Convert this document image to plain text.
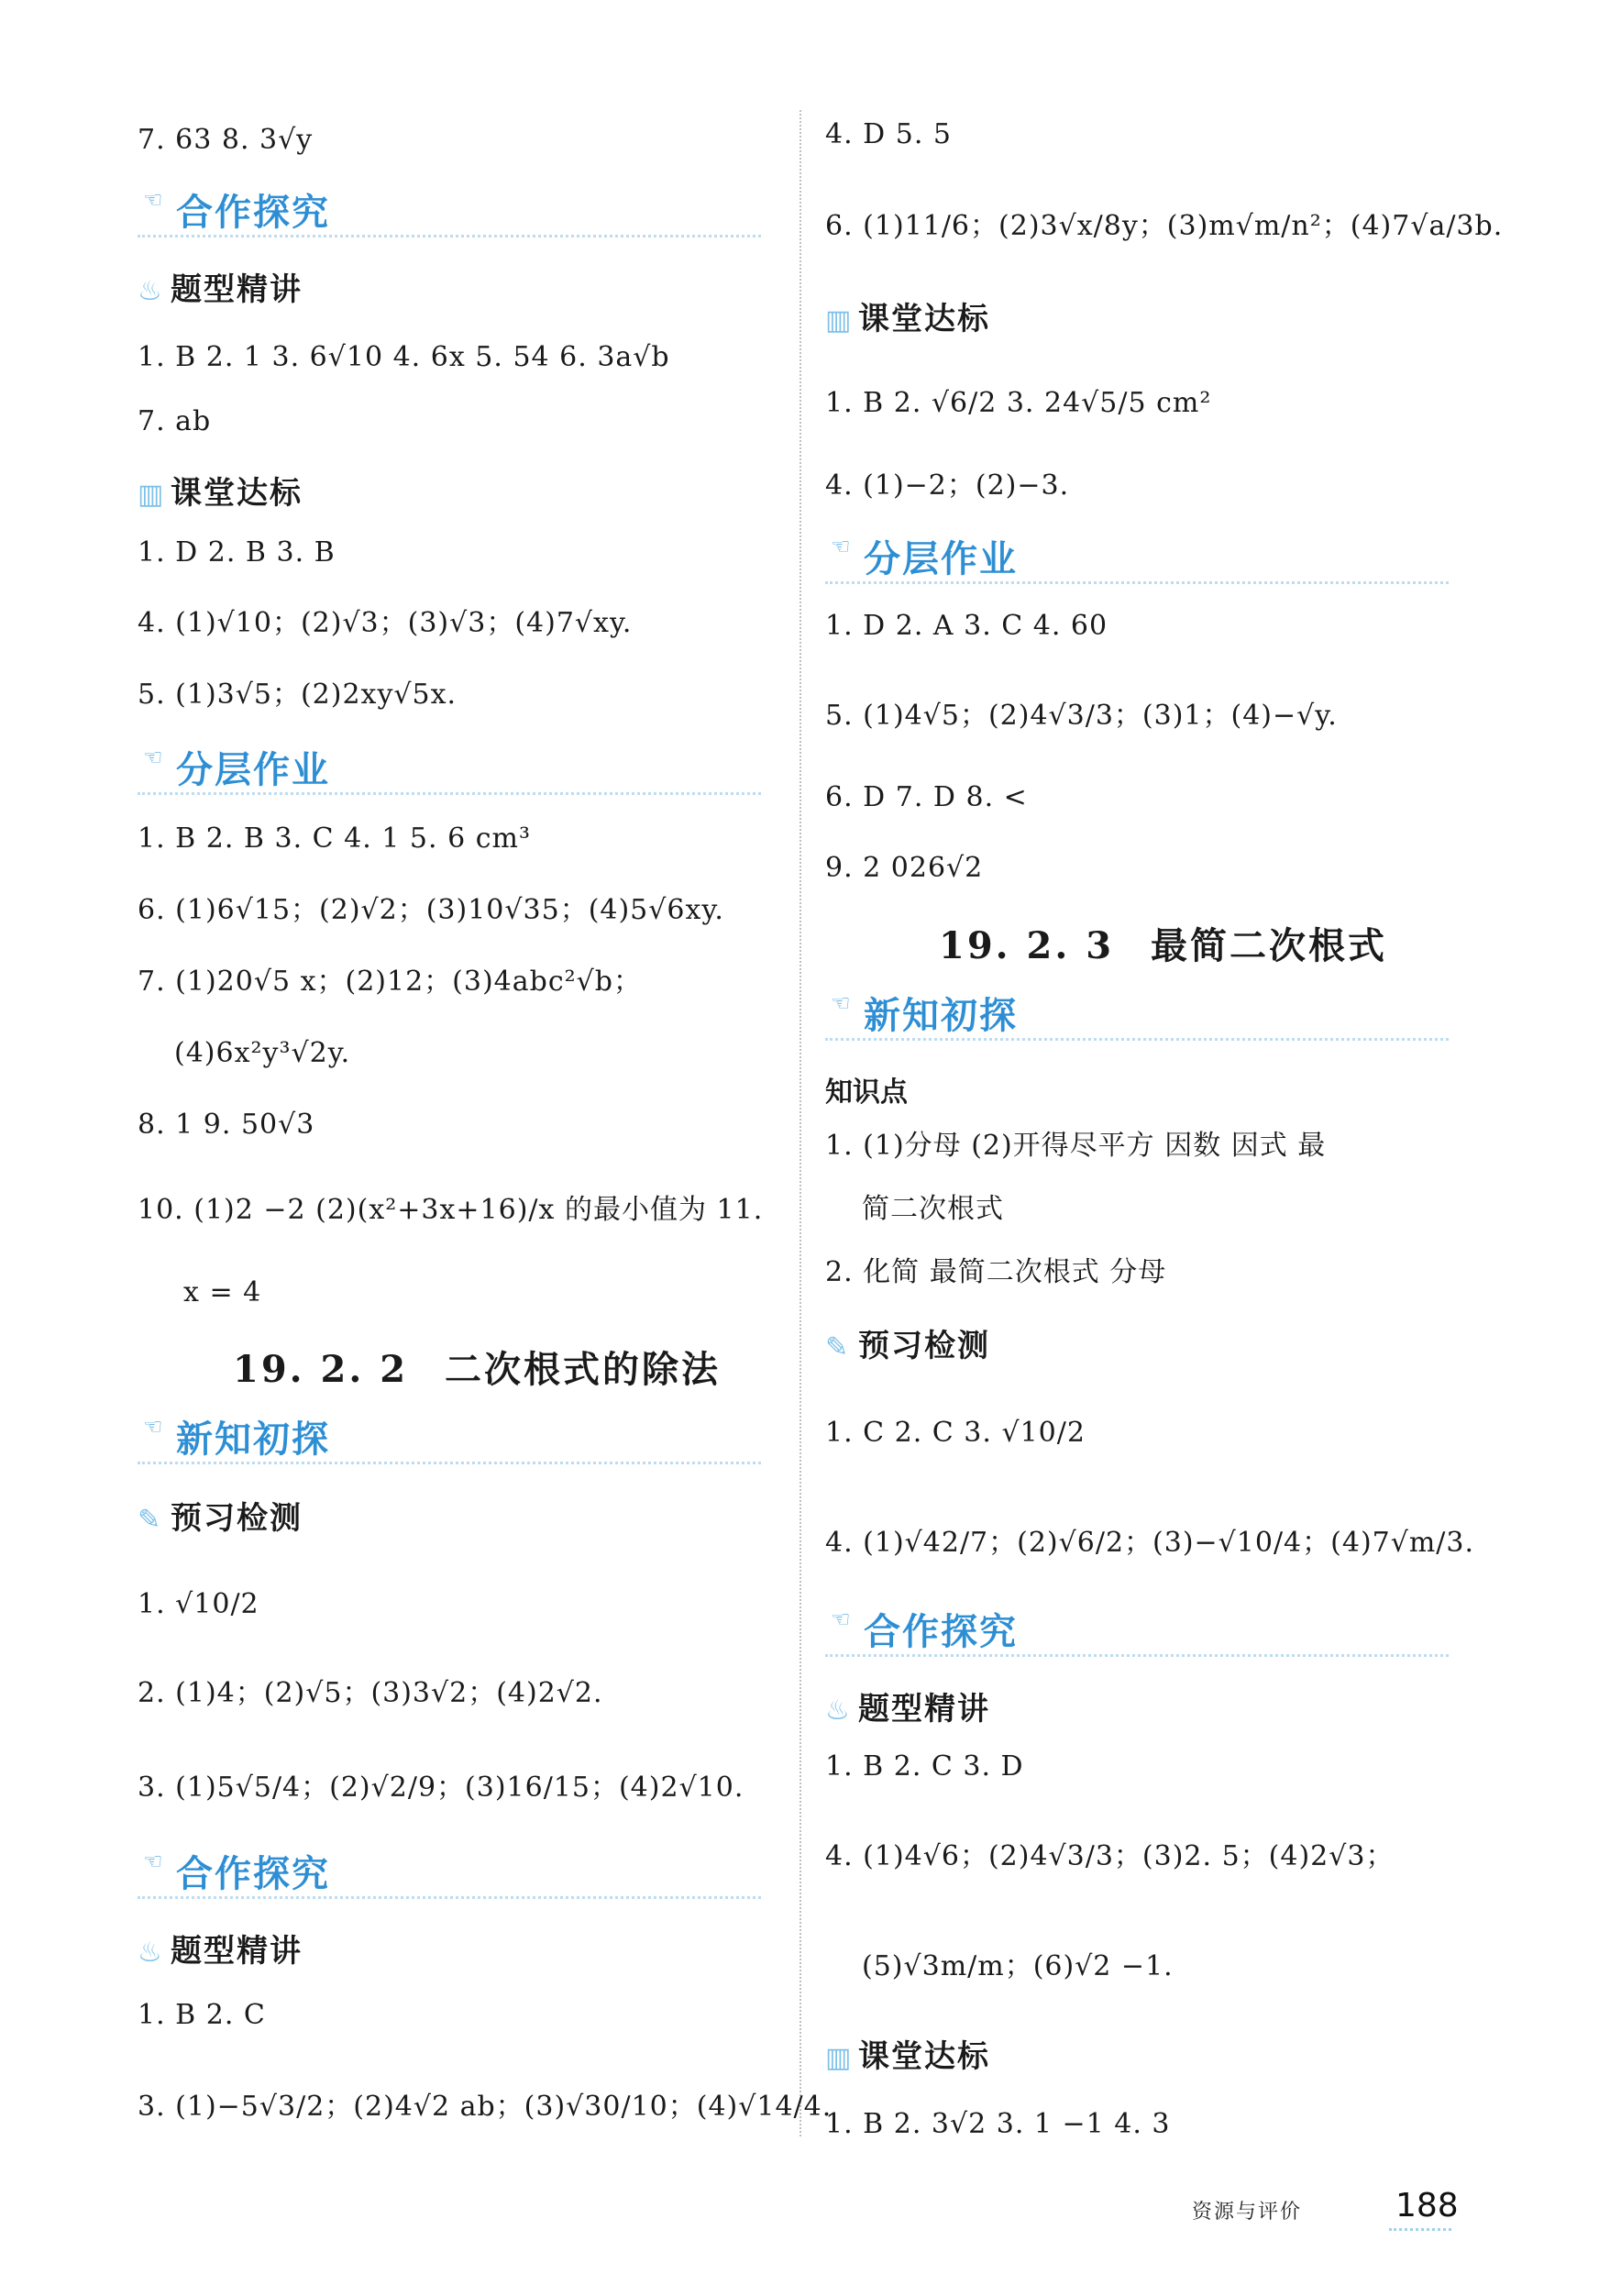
7. 63 8. 3√y
☜ 合作探究
♨ 题型精讲
1. B 2. 1 3. 6√10 4. 6x 5. 54 6. 3a√b
7. ab
▥ 课堂达标
1. D 2. B 3. B
4. (1)√10；(2)√3；(3)√3；(4)7√xy.
5. (1)3√5；(2)2xy√5x.
☜ 分层作业
1. B 2. B 3. C 4. 1 5. 6 cm³
6. (1)6√15；(2)√2；(3)10√35；(4)5√6xy.
7. (1)20√5 x；(2)12；(3)4abc²√b；
(4)6x²y³√2y.
8. 1 9. 50√3
10. (1)2 −2 (2)(x²+3x+16)/x 的最小值为 11.
x = 4
19. 2. 2 二次根式的除法
☜ 新知初探
✎ 预习检测
1. √10/2
2. (1)4；(2)√5；(3)3√2；(4)2√2.
3. (1)5√5/4；(2)√2/9；(3)16/15；(4)2√10.
☜ 合作探究
♨ 题型精讲
1. B 2. C
3. (1)−5√3/2；(2)4√2 ab；(3)√30/10；(4)√14/4.
4. D 5. 5
6. (1)11/6；(2)3√x/8y；(3)m√m/n²；(4)7√a/3b.
▥ 课堂达标
1. B 2. √6/2 3. 24√5/5 cm²
4. (1)−2；(2)−3.
☜ 分层作业
1. D 2. A 3. C 4. 60
5. (1)4√5；(2)4√3/3；(3)1；(4)−√y.
6. D 7. D 8. <
9. 2 026√2
19. 2. 3 最简二次根式
☜ 新知初探
知识点
1. (1)分母 (2)开得尽平方 因数 因式 最
简二次根式
2. 化简 最简二次根式 分母
✎ 预习检测
1. C 2. C 3. √10/2
4. (1)√42/7；(2)√6/2；(3)−√10/4；(4)7√m/3.
☜ 合作探究
♨ 题型精讲
1. B 2. C 3. D
4. (1)4√6；(2)4√3/3；(3)2. 5；(4)2√3；
(5)√3m/m；(6)√2 −1.
▥ 课堂达标
1. B 2. 3√2 3. 1 −1 4. 3
资源与评价	188
